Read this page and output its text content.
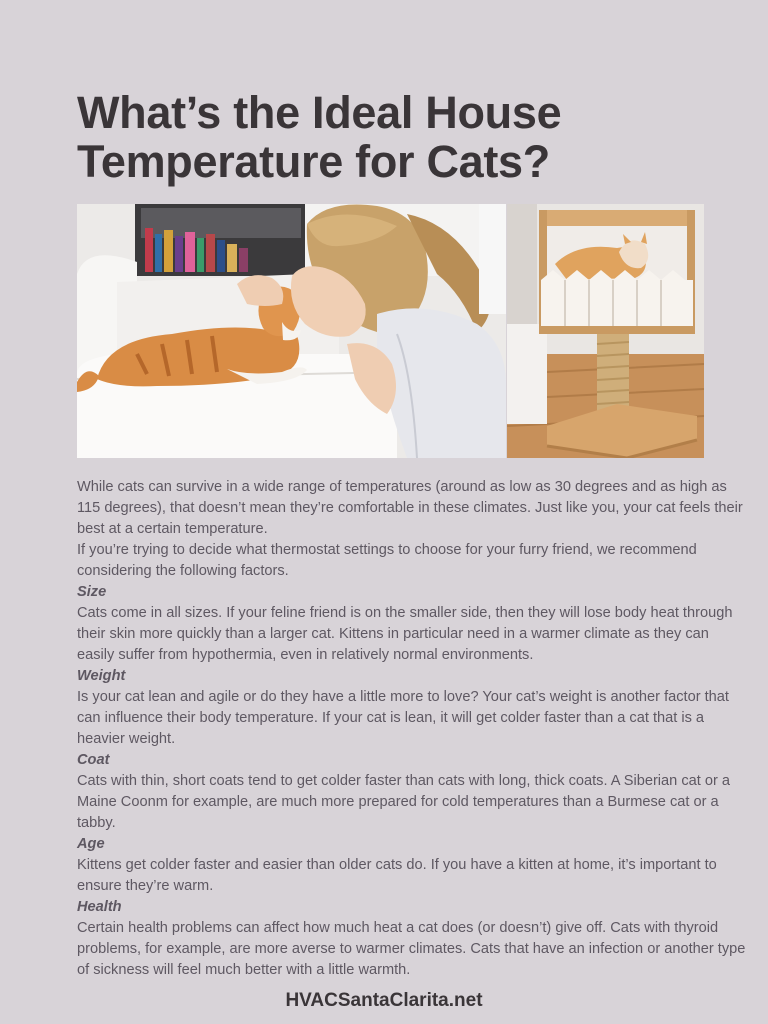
What’s the Ideal House
Temperature for Cats?

While cats can survive in a wide range of temperatures (around as low as 30 degrees and as high as 115 degrees), that doesn’t mean they’re comfortable in these climates. Just like you, your cat feels their best at a certain temperature.

If you’re trying to decide what thermostat settings to choose for your furry friend, we recommend considering the following factors.

Size

Cats come in all sizes. If your feline friend is on the smaller side, then they will lose body heat through their skin more quickly than a larger cat. Kittens in particular need in a warmer climate as they can easily suffer from hypothermia, even in relatively normal environments.

Weight

Is your cat lean and agile or do they have a little more to love? Your cat’s weight is another factor that can influence their body temperature. If your cat is lean, it will get colder faster than a cat that is a heavier weight.

Coat

Cats with thin, short coats tend to get colder faster than cats with long, thick coats. A Siberian cat or a Maine Coonm for example, are much more prepared for cold temperatures than a Burmese cat or a tabby.

Age

Kittens get colder faster and easier than older cats do. If you have a kitten at home, it’s important to ensure they’re warm.

Health

Certain health problems can affect how much heat a cat does (or doesn’t) give off. Cats with thyroid problems, for example, are more averse to warmer climates. Cats that have an infection or another type of sickness will feel much better with a little warmth.

HVACSantaClarita.net
